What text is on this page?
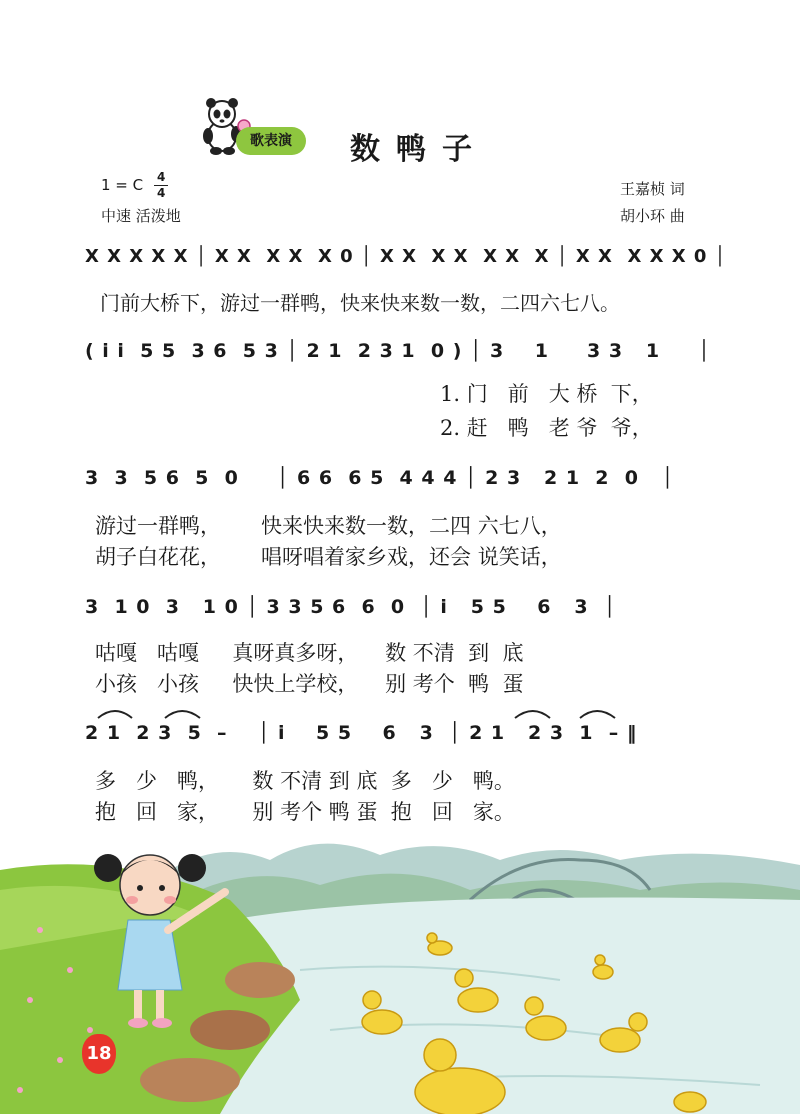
歌表演	数鸭子
1 = C 4
4
中速 活泼地
王嘉桢 词
胡小环 曲
X X X X X │ X X  X X  X 0 │ X X  X X  X X  X │ X X  X X X 0 │
门前大桥下，游过一群鸭，快来快来数一数，二四六七八。
( i i  5 5  3 6  5 3 │ 2 1  2 3 1  0 ) │ 3    1     3 3   1     │
1. 门   前   大 桥  下，
2. 赶   鸭   老 爷  爷，
3  3  5 6  5  0     │ 6 6  6 5  4 4 4 │ 2 3   2 1  2  0   │
游过一群鸭，      快来快来数一数，二四 六七八，
胡子白花花，      唱呀唱着家乡戏，还会 说笑话，
3  1 0  3   1 0 │ 3 3 5 6  6  0  │ i   5 5    6   3  │
咕嘎   咕嘎     真呀真多呀，    数 不清  到  底
小孩   小孩     快快上学校，    别 考个  鸭  蛋
2 1  2 3  5  –    │ i    5 5    6   3  │ 2 1   2 3  1  – ‖
多   少   鸭，     数 不清 到 底  多   少   鸭。
抱   回   家，     别 考个 鸭 蛋  抱   回   家。
18
